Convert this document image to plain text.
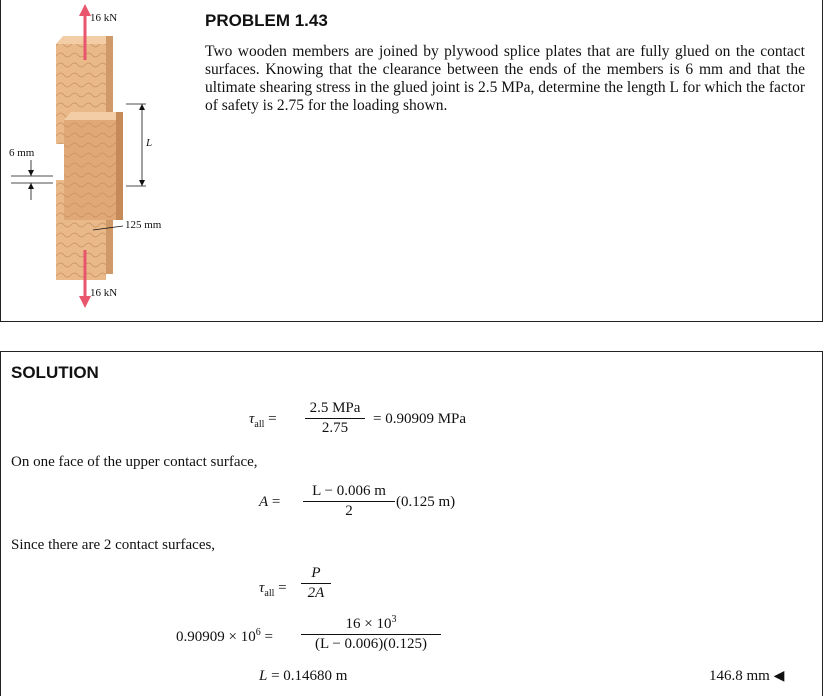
16 kN
16 kN
6 mm
L
125 mm
PROBLEM 1.43
Two wooden members are joined by plywood splice plates that are fully glued on the contact surfaces. Knowing that the clearance between the ends of the members is 6 mm and that the ultimate shearing stress in the glued joint is 2.5 MPa, determine the length L for which the factor of safety is 2.75 for the loading shown.
SOLUTION
$\tau_{all}$ =
2.5 MPa
2.75
= 0.90909 MPa
On one face of the upper contact surface,
A =
L − 0.006 m
2
(0.125 m)
Since there are 2 contact surfaces,
$\tau_{all}$ =
P
2A
$0.90909 \times 10^6$ =
$16 \times 10^3$
(L − 0.006)(0.125)
L = 0.14680 m	146.8 mm ◀
